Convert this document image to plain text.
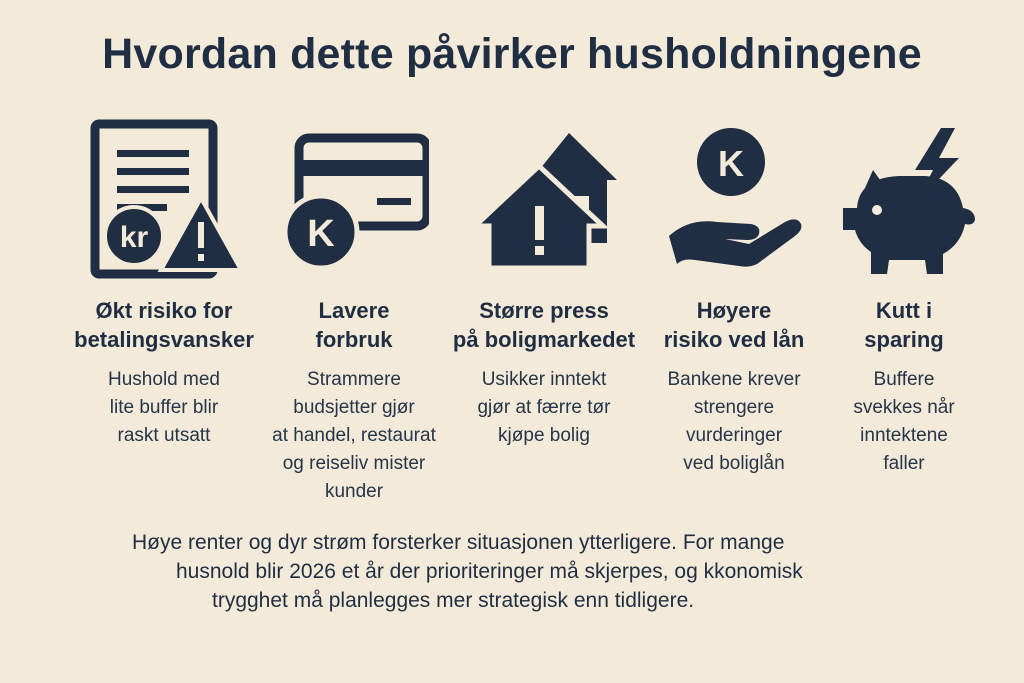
Hvordan dette påvirker husholdningene
kr
Økt risiko for
betalingsvansker
Hushold med
lite buffer blir
raskt utsatt
K
Lavere
forbruk
Strammere
budsjetter gjør
at handel, restaurat
og reiseliv mister
kunder
Større press
på boligmarkedet
Usikker inntekt
gjør at færre tør
kjøpe bolig
K
Høyere
risiko ved lån
Bankene krever
strengere
vurderinger
ved boliglån
Kutt i
sparing
Buffere
svekkes når
inntektene
faller
Høye renter og dyr strøm forsterker situasjonen ytterligere. For mange
husnold blir 2026 et år der prioriteringer må skjerpes, og kkonomisk
trygghet må planlegges mer strategisk enn tidligere.
